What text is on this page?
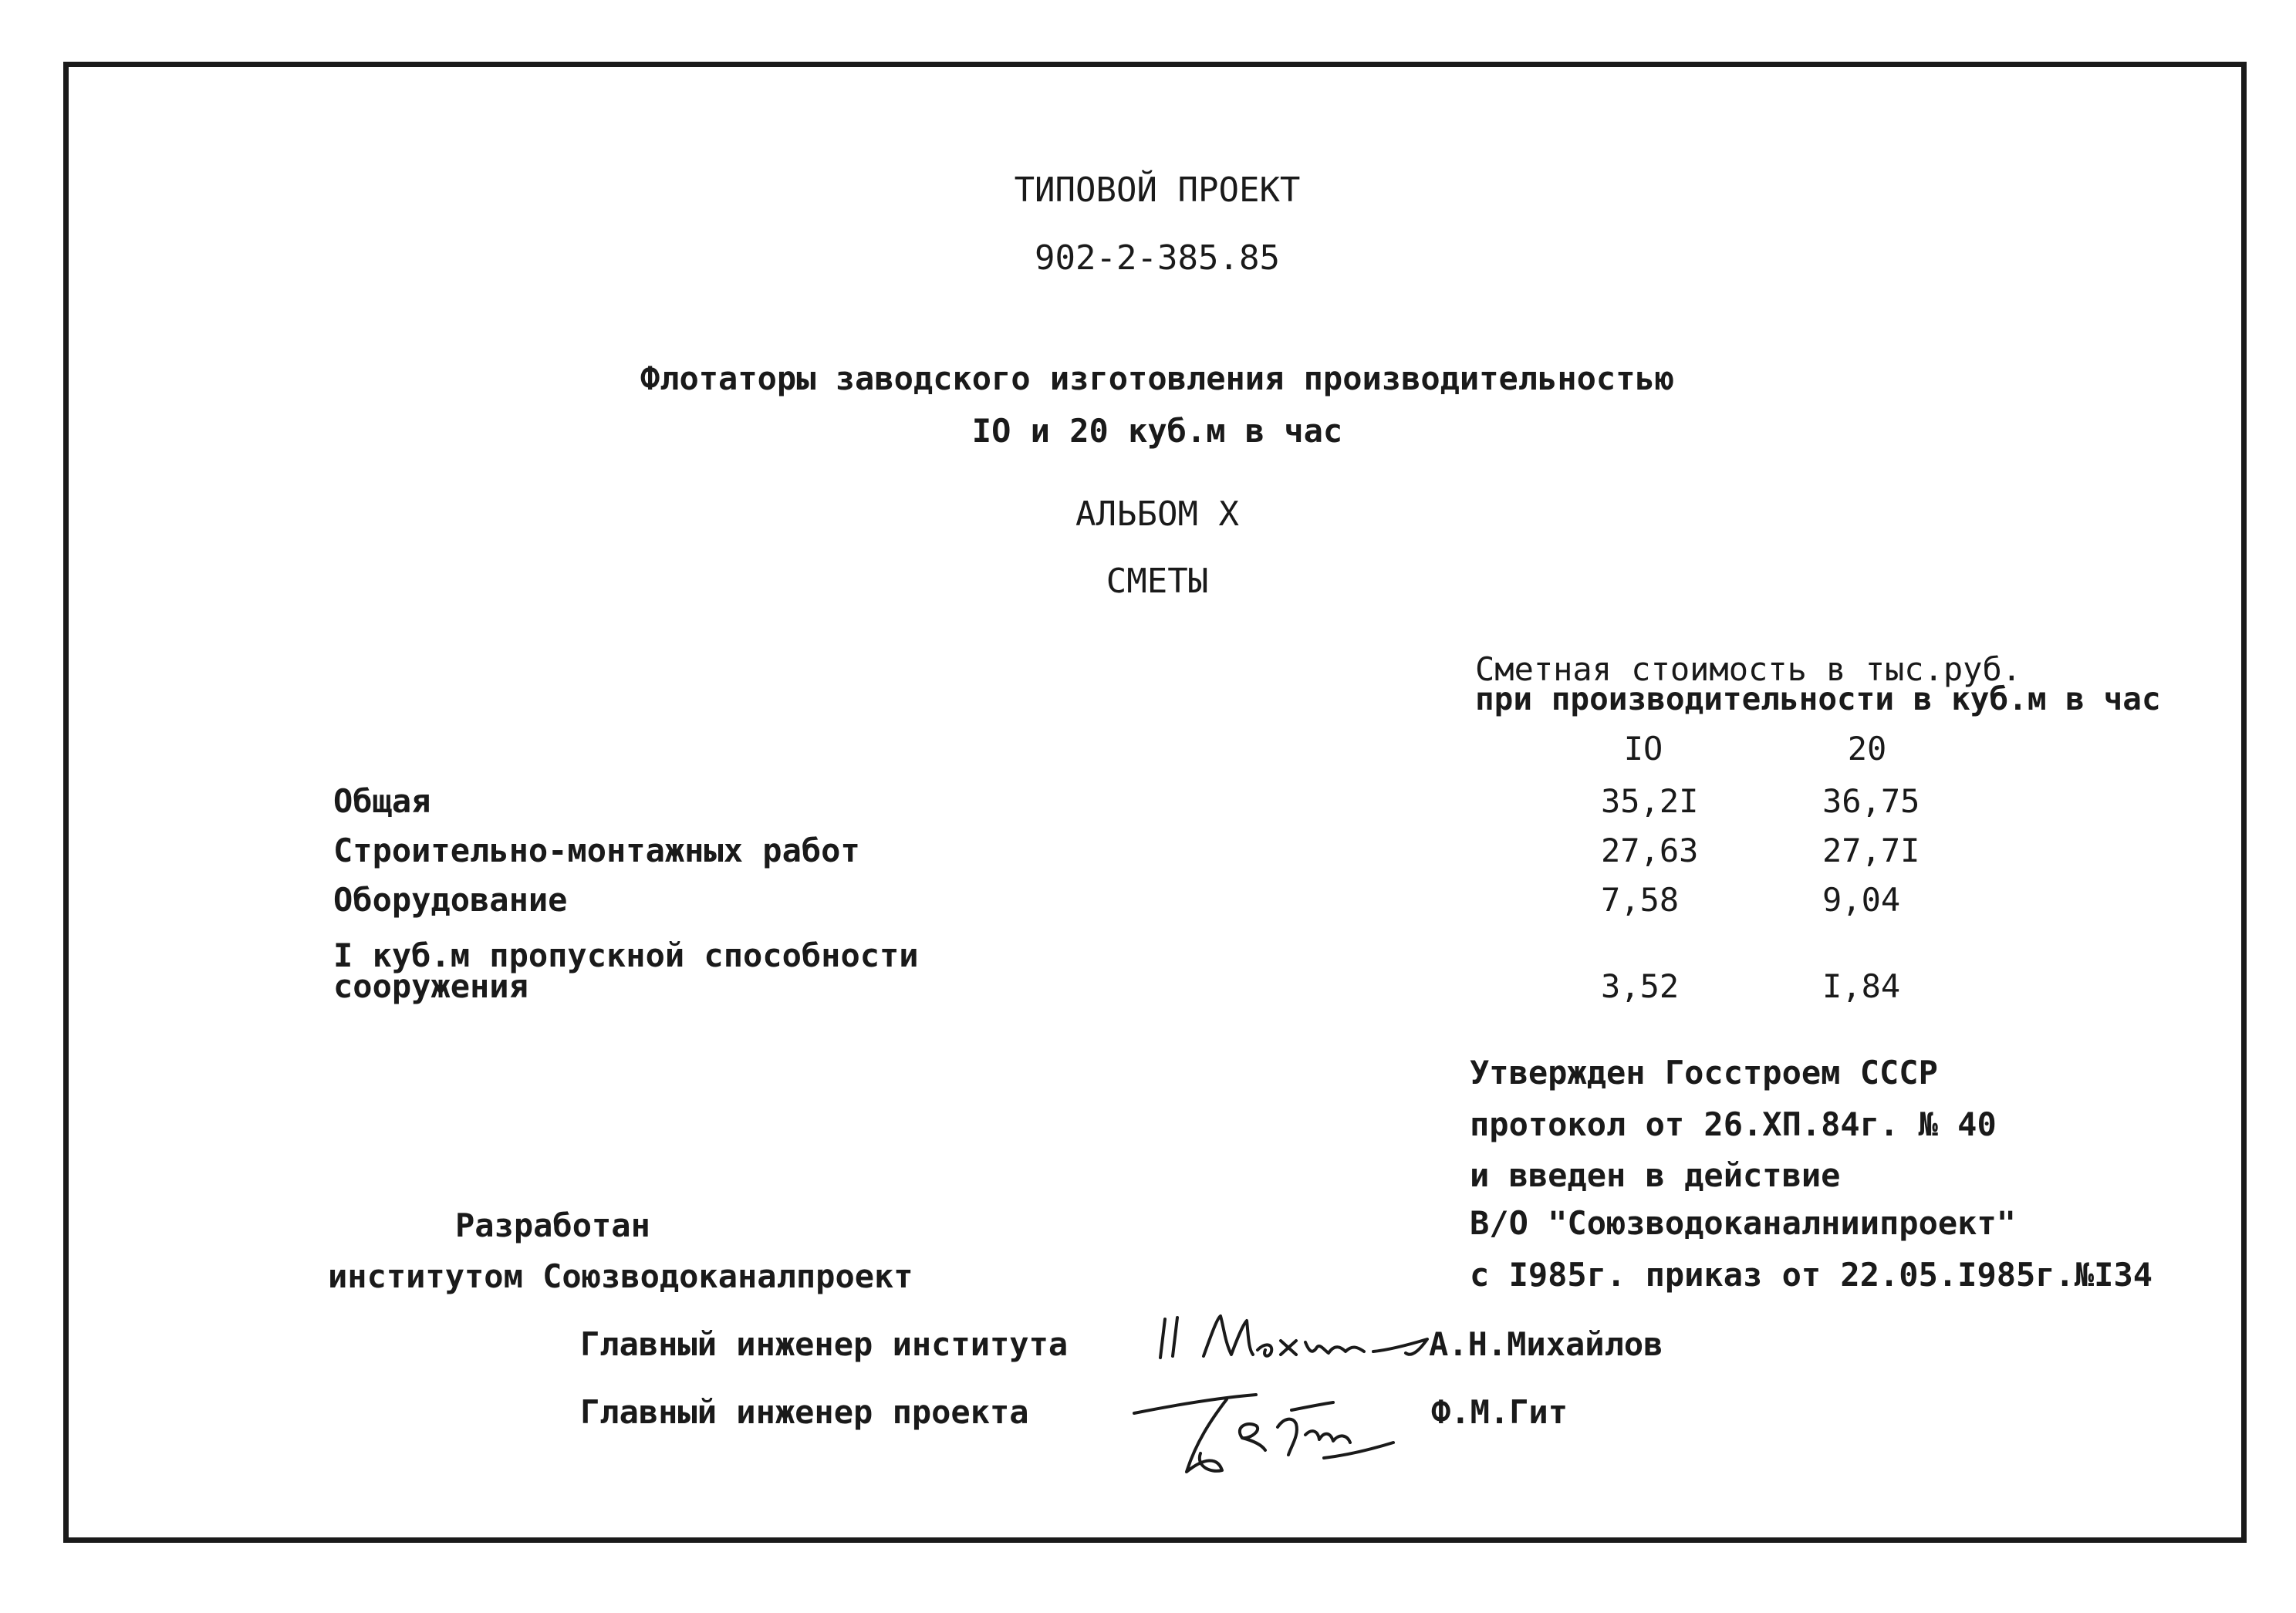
ТИПОВОЙ ПРОЕКТ
902-2-385.85
Флотаторы заводского изготовления производительностью
IO и 20 куб.м в час
АЛЬБОМ X
СМЕТЫ
Сметная стоимость в тыс.руб.
при производительности в куб.м в час
IO	20
Общая	35,2I	36,75
Строительно-монтажных работ	27,63	27,7I
Оборудование	7,58	9,04
I куб.м пропускной способности
сооружения	3,52	I,84
Утвержден Госстроем СССР
протокол от 26.XП.84г. № 40
и введен в действие
В/О "Союзводоканалниипроект"
с I985г. приказ от 22.05.I985г.№I34
Разработан
институтом Союзводоканалпроект
Главный инженер института	А.Н.Михайлов
Главный инженер проекта	Ф.М.Гит
